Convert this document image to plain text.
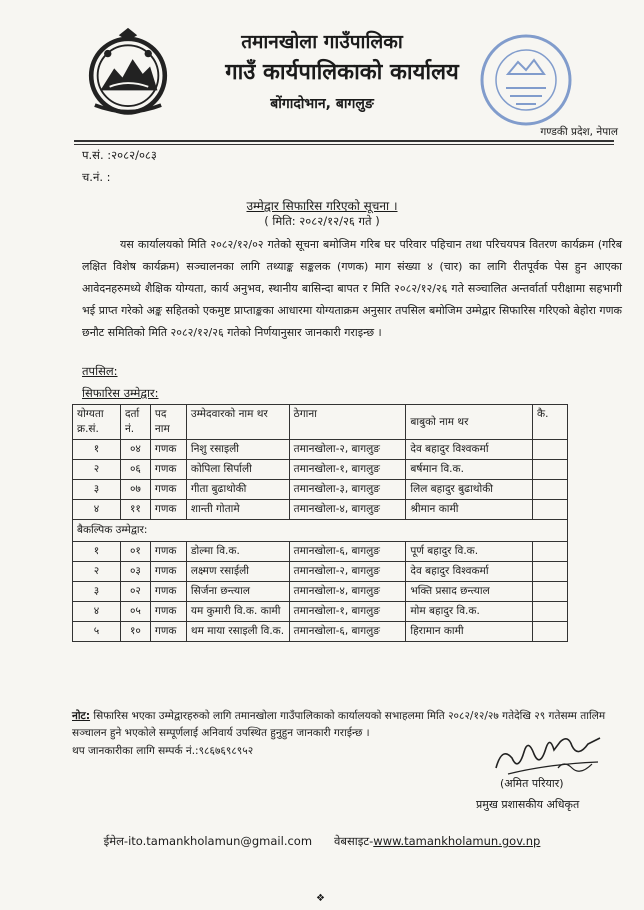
तमानखोला गाउँपालिका
गाउँ कार्यपालिकाको कार्यालय
बोंगादोभान, बागलुङ
गण्डकी प्रदेश, नेपाल
प.सं. :२०८२/०८३
च.नं. :
उम्मेद्वार सिफारिस गरिएको सूचना ।
( मिति: २०८२/१२/२६ गते )

यस कार्यालयको मिति २०८२/१२/०२ गतेको सूचना बमोजिम गरिब घर परिवार पहिचान तथा परिचयपत्र वितरण कार्यक्रम (गरिब लक्षित विशेष कार्यक्रम) सञ्चालनका लागि तथ्याङ्क सङ्कलक (गणक) माग संख्या ४ (चार) का लागि रीतपूर्वक पेस हुन आएका आवेदनहरुमध्ये शैक्षिक योग्यता, कार्य अनुभव, स्थानीय बासिन्दा बापत र मिति २०८२/१२/२६ गते सञ्चालित अन्तर्वार्ता परीक्षामा सहभागी भई प्राप्त गरेको अङ्क सहितको एकमुष्ट प्राप्ताङ्कका आधारमा योग्यताक्रम अनुसार तपसिल बमोजिम उम्मेद्वार सिफारिस गरिएको बेहोरा गणक छनौट समितिको मिति २०८२/१२/२६ गतेको निर्णयानुसार जानकारी गराइन्छ ।

तपसिल:
सिफारिस उम्मेद्वार:
योग्यता क्र.सं.	दर्ता नं.	पद नाम	उम्मेदवारको नाम थर	ठेगाना	बाबुको नाम थर	कै.
१	०४	गणक	निशु रसाइली	तमानखोला-२, बागलुङ	देव बहादुर विश्वकर्मा	
२	०६	गणक	कोपिला सिर्पाली	तमानखोला-१, बागलुङ	बर्षमान वि.क.	
३	०७	गणक	गीता बुढाथोकी	तमानखोला-३, बागलुङ	लिल बहादुर बुढाथोकी	
४	११	गणक	शान्ती गोतामे	तमानखोला-४, बागलुङ	श्रीमान कामी	
बैकल्पिक उम्मेद्वार:						
१	०१	गणक	डोल्मा वि.क.	तमानखोला-६, बागलुङ	पूर्ण बहादुर वि.क.	
२	०३	गणक	लक्ष्मण रसाईली	तमानखोला-२, बागलुङ	देव बहादुर विश्वकर्मा	
३	०२	गणक	सिर्जना छन्त्याल	तमानखोला-४, बागलुङ	भक्ति प्रसाद छन्त्याल	
४	०५	गणक	यम कुमारी वि.क. कामी	तमानखोला-१, बागलुङ	मोम बहादुर वि.क.	
५	१०	गणक	थम माया रसाइली वि.क.	तमानखोला-६, बागलुङ	हिरामान कामी	
नोट: सिफारिस भएका उम्मेद्वारहरुको लागि तमानखोला गाउँपालिकाको कार्यालयको सभाहलमा मिति २०८२/१२/२७ गतेदेखि २९ गतेसम्म तालिम सञ्चालन हुने भएकोले सम्पूर्णलाई अनिवार्य उपस्थित हुनुहुन जानकारी गराईन्छ ।
थप जानकारीका लागि सम्पर्क नं.:९८६७६९८९५२
(अमित परियार)
प्रमुख प्रशासकीय अधिकृत
ईमेल-ito.tamankholamun@gmail.com वेबसाइट-www.tamankholamun.gov.np
❖
